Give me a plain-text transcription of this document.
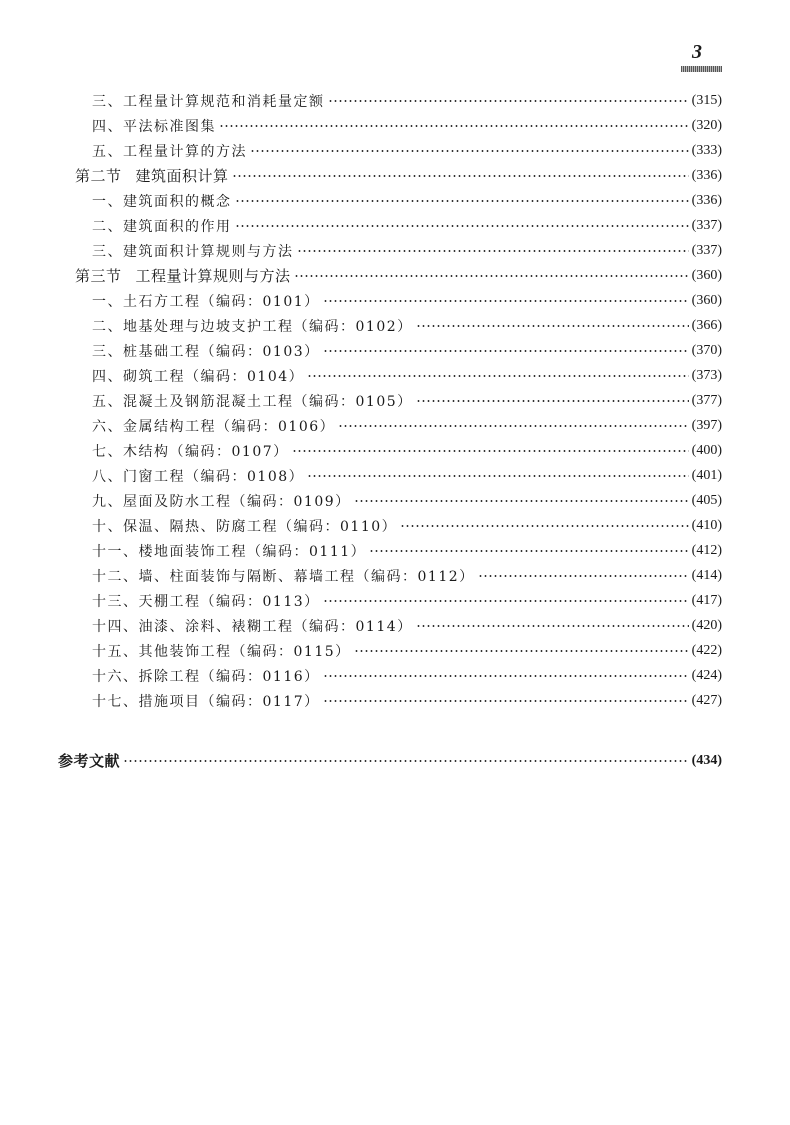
3
三、工程量计算规范和消耗量定额	(315)
四、平法标准图集	(320)
五、工程量计算的方法	(333)
第二节 建筑面积计算	(336)
一、建筑面积的概念	(336)
二、建筑面积的作用	(337)
三、建筑面积计算规则与方法	(337)
第三节 工程量计算规则与方法	(360)
一、土石方工程（编码：0101）	(360)
二、地基处理与边坡支护工程（编码：0102）	(366)
三、桩基础工程（编码：0103）	(370)
四、砌筑工程（编码：0104）	(373)
五、混凝土及钢筋混凝土工程（编码：0105）	(377)
六、金属结构工程（编码：0106）	(397)
七、木结构（编码：0107）	(400)
八、门窗工程（编码：0108）	(401)
九、屋面及防水工程（编码：0109）	(405)
十、保温、隔热、防腐工程（编码：0110）	(410)
十一、楼地面装饰工程（编码：0111）	(412)
十二、墙、柱面装饰与隔断、幕墙工程（编码：0112）	(414)
十三、天棚工程（编码：0113）	(417)
十四、油漆、涂料、裱糊工程（编码：0114）	(420)
十五、其他装饰工程（编码：0115）	(422)
十六、拆除工程（编码：0116）	(424)
十七、措施项目（编码：0117）	(427)
参考文献	(434)
